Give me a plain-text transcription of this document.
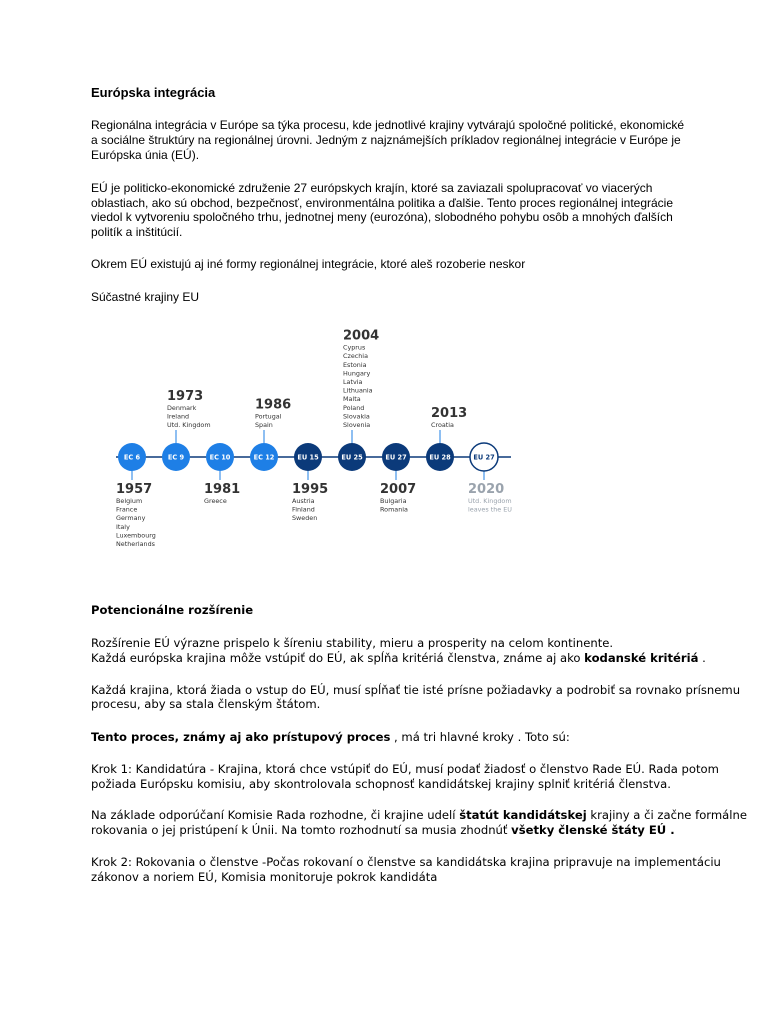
Európska integrácia

Regionálna integrácia v Európe sa týka procesu, kde jednotlivé krajiny vytvárajú spoločné politické, ekonomické

a sociálne štruktúry na regionálnej úrovni. Jedným z najznámejších príkladov regionálnej integrácie v Európe je

Európska únia (EÚ).

EÚ je politicko-ekonomické združenie 27 európskych krajín, ktoré sa zaviazali spolupracovať vo viacerých

oblastiach, ako sú obchod, bezpečnosť, environmentálna politika a ďalšie. Tento proces regionálnej integrácie

viedol k vytvoreniu spoločného trhu, jednotnej meny (eurozóna), slobodného pohybu osôb a mnohých ďalších

politík a inštitúcií.

Okrem EÚ existujú aj iné formy regionálnej integrácie, ktoré aleš rozoberie neskor

Súčastné krajiny EU

1957
Belgium
France
Germany
Italy
Luxembourg
Netherlands
EC 6
1973
Denmark
Ireland
Utd. Kingdom
EC 9
1981
Greece
EC 10
1986
Portugal
Spain
EC 12
1995
Austria
Finland
Sweden
EU 15
2004
Cyprus
Czechia
Estonia
Hungary
Latvia
Lithuania
Malta
Poland
Slovakia
Slovenia
EU 25
2007
Bulgaria
Romania
EU 27
2013
Croatia
EU 28
2020
Utd. Kingdom
leaves the EU
EU 27

Potencionálne rozšírenie

Rozšírenie EÚ výrazne prispelo k šíreniu stability, mieru a prosperity na celom kontinente.

Každá európska krajina môže vstúpiť do EÚ, ak spĺňa kritériá členstva, známe aj ako kodanské kritériá .

Každá krajina, ktorá žiada o vstup do EÚ, musí spĺňať tie isté prísne požiadavky a podrobiť sa rovnako prísnemu

procesu, aby sa stala členským štátom.

Tento proces, známy aj ako prístupový proces , má tri hlavné kroky . Toto sú:

Krok 1: Kandidatúra - Krajina, ktorá chce vstúpiť do EÚ, musí podať žiadosť o členstvo Rade EÚ. Rada potom

požiada Európsku komisiu, aby skontrolovala schopnosť kandidátskej krajiny splniť kritériá členstva.

Na základe odporúčaní Komisie Rada rozhodne, či krajine udelí štatút kandidátskej krajiny a či začne formálne

rokovania o jej pristúpení k Únii. Na tomto rozhodnutí sa musia zhodnúť všetky členské štáty EÚ .

Krok 2: Rokovania o členstve -Počas rokovaní o členstve sa kandidátska krajina pripravuje na implementáciu

zákonov a noriem EÚ, Komisia monitoruje pokrok kandidáta
